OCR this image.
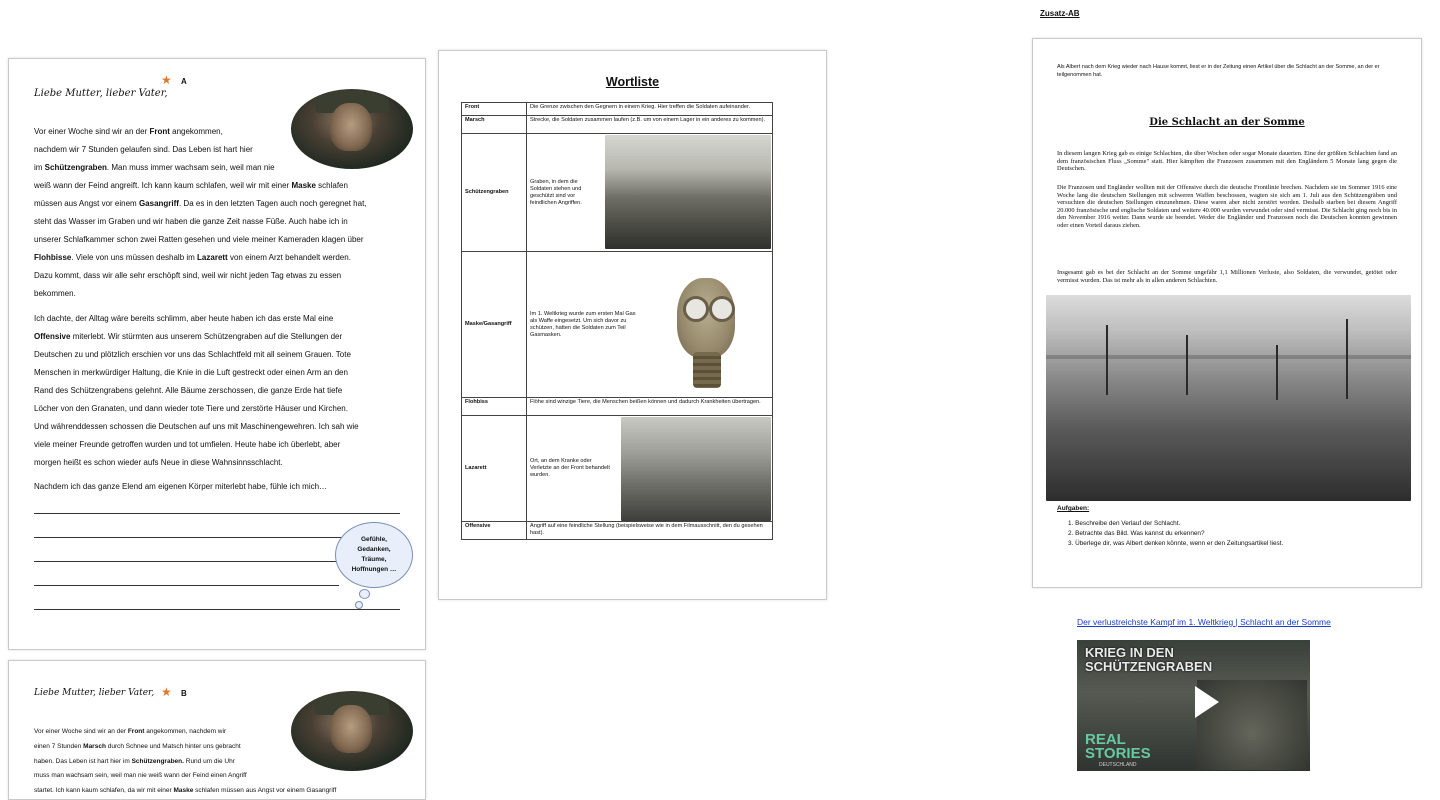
Liebe Mutter, lieber Vater,
★ A
Vor einer Woche sind wir an der Front angekommen,
nachdem wir 7 Stunden gelaufen sind. Das Leben ist hart hier
im Schützengraben. Man muss immer wachsam sein, weil man nie
weiß wann der Feind angreift. Ich kann kaum schlafen, weil wir mit einer Maske schlafen
müssen aus Angst vor einem Gasangriff. Da es in den letzten Tagen auch noch geregnet hat,
steht das Wasser im Graben und wir haben die ganze Zeit nasse Füße. Auch habe ich in
unserer Schlafkammer schon zwei Ratten gesehen und viele meiner Kameraden klagen über
Flohbisse. Viele von uns müssen deshalb im Lazarett von einem Arzt behandelt werden.
Dazu kommt, dass wir alle sehr erschöpft sind, weil wir nicht jeden Tag etwas zu essen
bekommen.
Ich dachte, der Alltag wäre bereits schlimm, aber heute haben ich das erste Mal eine
Offensive miterlebt. Wir stürmten aus unserem Schützengraben auf die Stellungen der
Deutschen zu und plötzlich erschien vor uns das Schlachtfeld mit all seinem Grauen. Tote
Menschen in merkwürdiger Haltung, die Knie in die Luft gestreckt oder einen Arm an den
Rand des Schützengrabens gelehnt. Alle Bäume zerschossen, die ganze Erde hat tiefe
Löcher von den Granaten, und dann wieder tote Tiere und zerstörte Häuser und Kirchen.
Und währenddessen schossen die Deutschen auf uns mit Maschinengewehren. Ich sah wie
viele meiner Freunde getroffen wurden und tot umfielen. Heute habe ich überlebt, aber
morgen heißt es schon wieder aufs Neue in diese Wahnsinnsschlacht.
Nachdem ich das ganze Elend am eigenen Körper miterlebt habe, fühle ich mich…
Gefühle,
Gedanken,
Träume,
Hoffnungen …
Liebe Mutter, lieber Vater, ★ B
Vor einer Woche sind wir an der Front angekommen, nachdem wir
einen 7 Stunden Marsch durch Schnee und Matsch hinter uns gebracht
haben. Das Leben ist hart hier im Schützengraben. Rund um die Uhr
muss man wachsam sein, weil man nie weiß wann der Feind einen Angriff
startet. Ich kann kaum schlafen, da wir mit einer Maske schlafen müssen aus Angst vor einem Gasangriff
Wortliste
Front	Die Grenze zwischen den Gegnern in einem Krieg. Hier treffen die Soldaten aufeinander.
Marsch	Strecke, die Soldaten zusammen laufen (z.B. um von einem Lager in ein anderes zu kommen).
Schützengraben	Graben, in dem die Soldaten stehen und geschützt sind vor feindlichen Angriffen.

Maske/Gasangriff	Im 1. Weltkrieg wurde zum ersten Mal Gas als Waffe eingesetzt. Um sich davor zu schützen, hatten die Soldaten zum Teil Gasmasken.

Flohbiss	Flöhe sind winzige Tiere, die Menschen beißen können und dadurch Krankheiten übertragen.
Lazarett	Ort, an dem Kranke oder Verletzte an der Front behandelt wurden.

Offensive	Angriff auf eine feindliche Stellung (beispielsweise wie in dem Filmausschnitt, den du gesehen hast).
Zusatz-AB
Als Albert nach dem Krieg wieder nach Hause kommt, liest er in der Zeitung einen Artikel über die Schlacht an der Somme, an der er teilgenommen hat.
Die Schlacht an der Somme
In diesem langen Krieg gab es einige Schlachten, die über Wochen oder sogar Monate dauerten. Eine der größten Schlachten fand an dem französischen Fluss „Somme" statt. Hier kämpften die Franzosen zusammen mit den Engländern 5 Monate lang gegen die Deutschen.
Die Franzosen und Engländer wollten mit der Offensive durch die deutsche Frontlinie brechen. Nachdem sie im Sommer 1916 eine Woche lang die deutschen Stellungen mit schweren Waffen beschossen, wagten sie sich am 1. Juli aus den Schützengräben und versuchten die deutschen Stellungen einzunehmen. Diese waren aber nicht zerstört worden. Deshalb starben bei diesem Angriff 20.000 französische und englische Soldaten und weitere 40.000 wurden verwundet oder sind vermisst. Die Schlacht ging noch bis in den November 1916 weiter. Dann wurde sie beendet. Weder die Engländer und Franzosen noch die Deutschen konnten gewinnen oder einen Vorteil daraus ziehen.
Insgesamt gab es bei der Schlacht an der Somme ungefähr 1,1 Millionen Verluste, also Soldaten, die verwundet, getötet oder vermisst wurden. Das ist mehr als in allen anderen Schlachten.
Aufgaben:
1. Beschreibe den Verlauf der Schlacht.
2. Betrachte das Bild. Was kannst du erkennen?
3. Überlege dir, was Albert denken könnte, wenn er den Zeitungsartikel liest.
Der verlustreichste Kampf im 1. Weltkrieg | Schlacht an der Somme
KRIEG IN DEN
SCHÜTZENGRABEN
REAL
STORIES
DEUTSCHLAND
